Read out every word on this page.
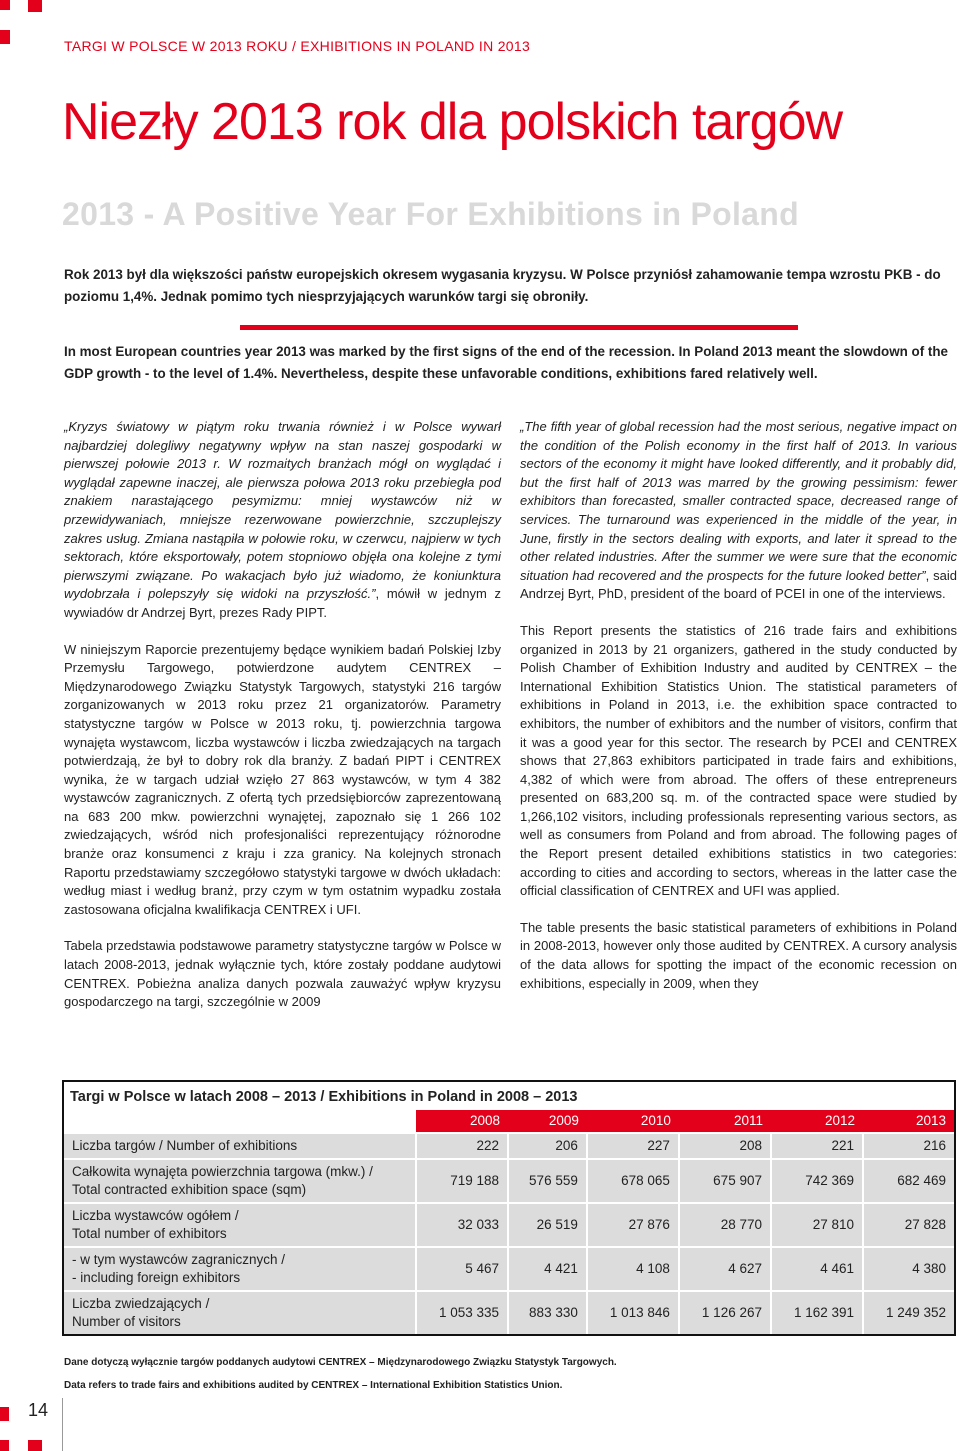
TARGI W POLSCE W 2013 ROKU / EXHIBITIONS IN POLAND IN 2013
Niezły 2013 rok dla polskich targów
2013 - A Positive Year For Exhibitions in Poland

Rok 2013 był dla większości państw europejskich okresem wygasania kryzysu. W Polsce przyniósł zahamowanie tempa wzrostu PKB - do poziomu 1,4%. Jednak pomimo tych niesprzyjających warunków targi się obroniły.

In most European countries year 2013 was marked by the first signs of the end of the recession. In Poland 2013 meant the slowdown of the GDP growth - to the level of 1.4%. Nevertheless, despite these unfavorable conditions, exhibitions fared relatively well.

„Kryzys światowy w piątym roku trwania również i w Polsce wywarł najbardziej dolegliwy negatywny wpływ na stan naszej gospodarki w pierwszej połowie 2013 r. W rozmaitych branżach mógł on wyglądać i wyglądał zapewne inaczej, ale pierwsza połowa 2013 roku przebiegła pod znakiem narastającego pesymizmu: mniej wystawców niż w przewidywaniach, mniejsze rezerwowane powierzchnie, szczuplejszy zakres usług. Zmiana nastąpiła w połowie roku, w czerwcu, najpierw w tych sektorach, które eksportowały, potem stopniowo objęła ona kolejne z tymi pierwszymi związane. Po wakacjach było już wiadomo, że koniunktura wydobrzała i polepszyły się widoki na przyszłość.”, mówił w jednym z wywiadów dr Andrzej Byrt, prezes Rady PIPT.

W niniejszym Raporcie prezentujemy będące wynikiem badań Polskiej Izby Przemysłu Targowego, potwierdzone audytem CENTREX – Międzynarodowego Związku Statystyk Targowych, statystyki 216 targów zorganizowanych w 2013 roku przez 21 organizatorów. Parametry statystyczne targów w Polsce w 2013 roku, tj. powierzchnia targowa wynajęta wystawcom, liczba wystawców i liczba zwiedzających na targach potwierdzają, że był to dobry rok dla branży. Z badań PIPT i CENTREX wynika, że w targach udział wzięło 27 863 wystawców, w tym 4 382 wystawców zagranicznych. Z ofertą tych przedsiębiorców zaprezentowaną na 683 200 mkw. powierzchni wynajętej, zapoznało się 1 266 102 zwiedzających, wśród nich profesjonaliści reprezentujący różnorodne branże oraz konsumenci z kraju i zza granicy. Na kolejnych stronach Raportu przedstawiamy szczegółowo statystyki targowe w dwóch układach: według miast i według branż, przy czym w tym ostatnim wypadku została zastosowana oficjalna kwalifikacja CENTREX i UFI.

Tabela przedstawia podstawowe parametry statystyczne targów w Polsce w latach 2008-2013, jednak wyłącznie tych, które zostały poddane audytowi CENTREX. Pobieżna analiza danych pozwala zauważyć wpływ kryzysu gospodarczego na targi, szczególnie w 2009

„The fifth year of global recession had the most serious, negative impact on the condition of the Polish economy in the first half of 2013. In various sectors of the economy it might have looked differently, and it probably did, but the first half of 2013 was marred by the growing pessimism: fewer exhibitors than forecasted, smaller contracted space, decreased range of services. The turnaround was experienced in the middle of the year, in June, firstly in the sectors dealing with exports, and later it spread to the other related industries. After the summer we were sure that the economic situation had recovered and the prospects for the future looked better”, said Andrzej Byrt, PhD, president of the board of PCEI in one of the interviews.

This Report presents the statistics of 216 trade fairs and exhibitions organized in 2013 by 21 organizers, gathered in the study conducted by Polish Chamber of Exhibition Industry and audited by CENTREX – the International Exhibition Statistics Union. The statistical parameters of exhibitions in Poland in 2013, i.e. the exhibition space contracted to exhibitors, the number of exhibitors and the number of visitors, confirm that it was a good year for this sector. The research by PCEI and CENTREX shows that 27,863 exhibitors participated in trade fairs and exhibitions, 4,382 of which were from abroad. The offers of these entrepreneurs presented on 683,200 sq. m. of the contracted space were studied by 1,266,102 visitors, including professionals representing various sectors, as well as consumers from Poland and from abroad. The following pages of the Report present detailed exhibitions statistics in two categories: according to cities and according to sectors, whereas in the latter case the official classification of CENTREX and UFI was applied.

The table presents the basic statistical parameters of exhibitions in Poland in 2008-2013, however only those audited by CENTREX. A cursory analysis of the data allows for spotting the impact of the economic recession on exhibitions, especially in 2009, when they

Targi w Polsce w latach 2008 – 2013 / Exhibitions in Poland in 2008 – 2013						
	2008	2009	2010	2011	2012	2013
Liczba targów / Number of exhibitions	222	206	227	208	221	216
Całkowita wynajęta powierzchnia targowa (mkw.) /
Total contracted exhibition space (sqm)	719 188	576 559	678 065	675 907	742 369	682 469
Liczba wystawców ogółem /
Total number of exhibitors	32 033	26 519	27 876	28 770	27 810	27 828
- w tym wystawców zagranicznych /
- including foreign exhibitors	5 467	4 421	4 108	4 627	4 461	4 380
Liczba zwiedzających /
Number of visitors	1 053 335	883 330	1 013 846	1 126 267	1 162 391	1 249 352
Dane dotyczą wyłącznie targów poddanych audytowi CENTREX – Międzynarodowego Związku Statystyk Targowych.
Data refers to trade fairs and exhibitions audited by CENTREX – International Exhibition Statistics Union.
14
